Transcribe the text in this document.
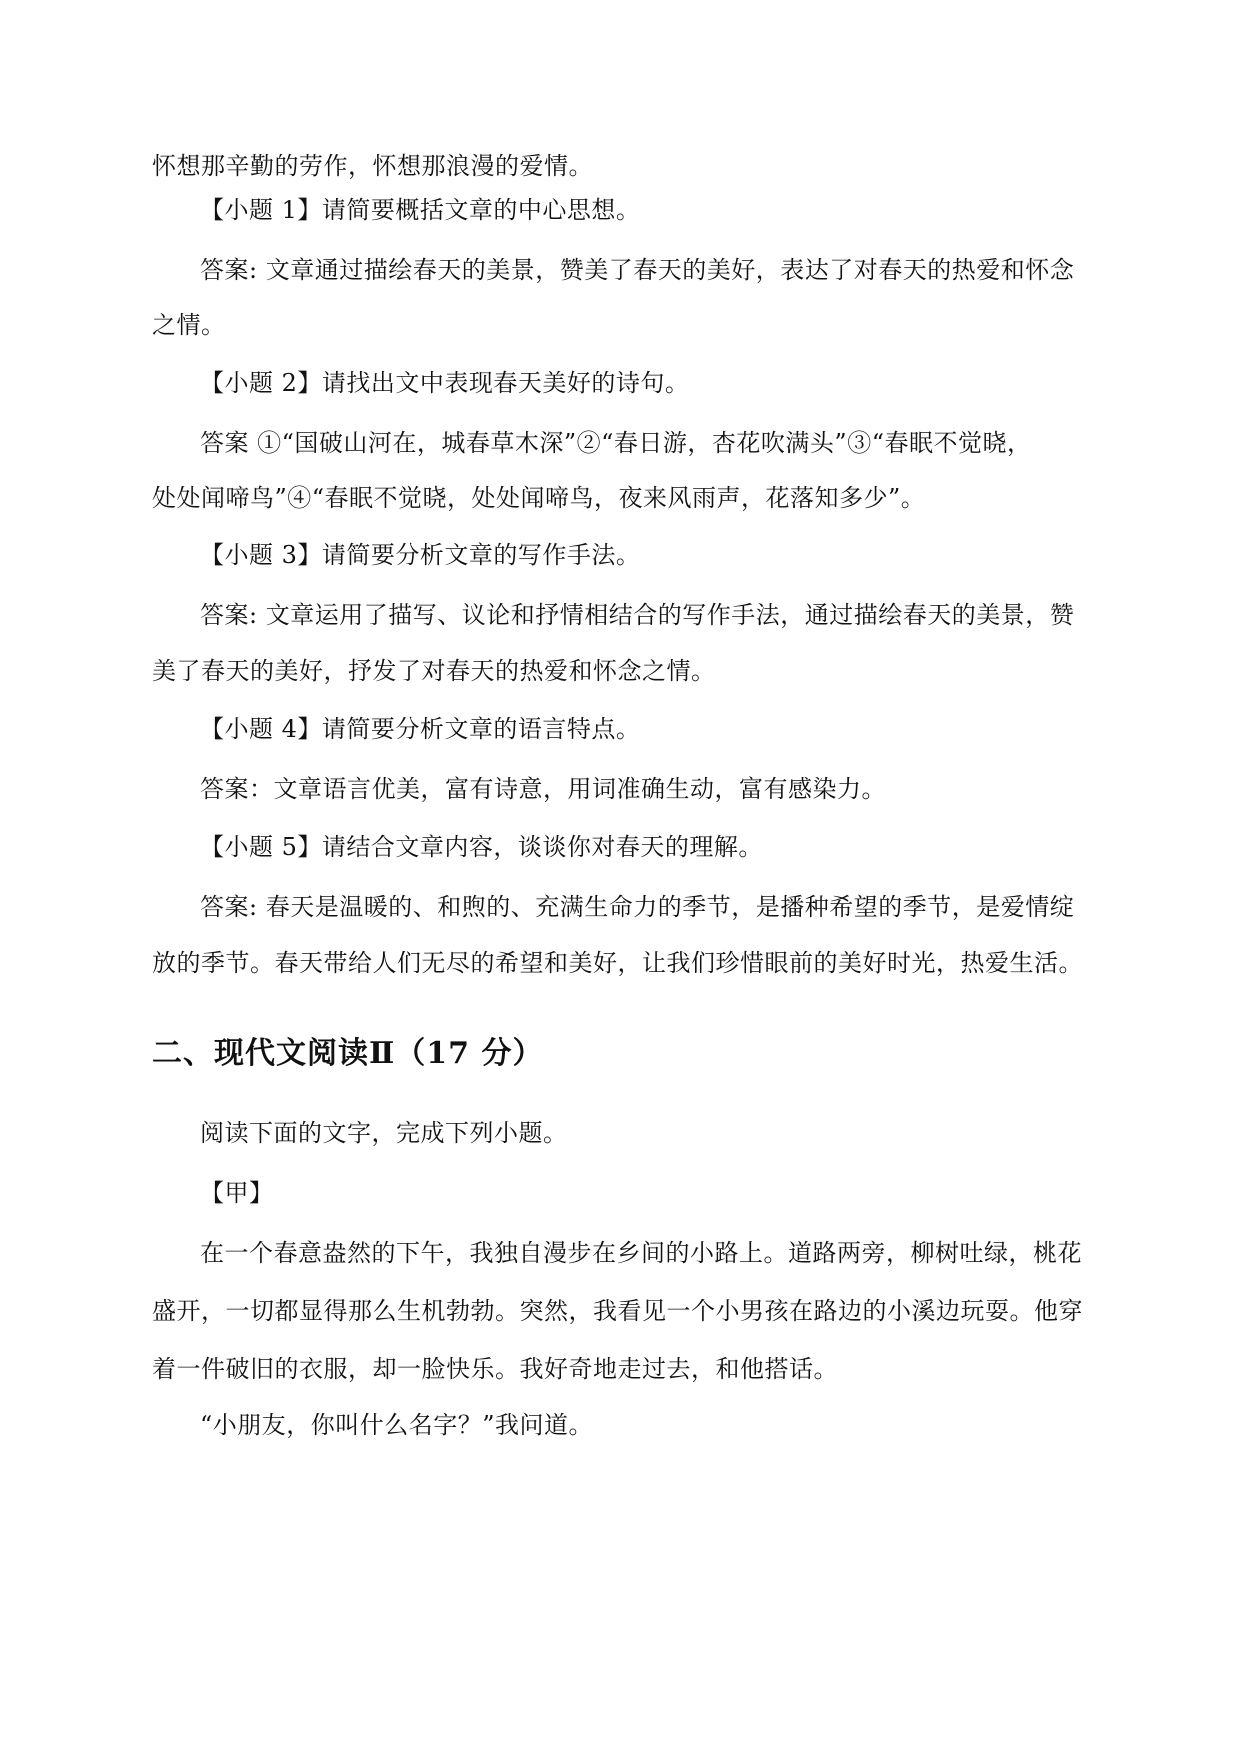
怀想那辛勤的劳作，怀想那浪漫的爱情。
【小题 1】请简要概括文章的中心思想。
答案: 文章通过描绘春天的美景，赞美了春天的美好，表达了对春天的热爱和怀念
之情。
【小题 2】请找出文中表现春天美好的诗句。
答案 ①“国破山河在，城春草木深”②“春日游，杏花吹满头”③“春眠不觉晓，
处处闻啼鸟”④“春眠不觉晓，处处闻啼鸟，夜来风雨声，花落知多少”。
【小题 3】请简要分析文章的写作手法。
答案: 文章运用了描写、议论和抒情相结合的写作手法，通过描绘春天的美景，赞
美了春天的美好，抒发了对春天的热爱和怀念之情。
【小题 4】请简要分析文章的语言特点。
答案：文章语言优美，富有诗意，用词准确生动，富有感染力。
【小题 5】请结合文章内容，谈谈你对春天的理解。
答案: 春天是温暖的、和煦的、充满生命力的季节，是播种希望的季节，是爱情绽
放的季节。春天带给人们无尽的希望和美好，让我们珍惜眼前的美好时光，热爱生活。
二、现代文阅读Ⅱ（17 分）
阅读下面的文字，完成下列小题。
【甲】
在一个春意盎然的下午，我独自漫步在乡间的小路上。道路两旁，柳树吐绿，桃花
盛开，一切都显得那么生机勃勃。突然，我看见一个小男孩在路边的小溪边玩耍。他穿
着一件破旧的衣服，却一脸快乐。我好奇地走过去，和他搭话。
“小朋友，你叫什么名字？”我问道。
